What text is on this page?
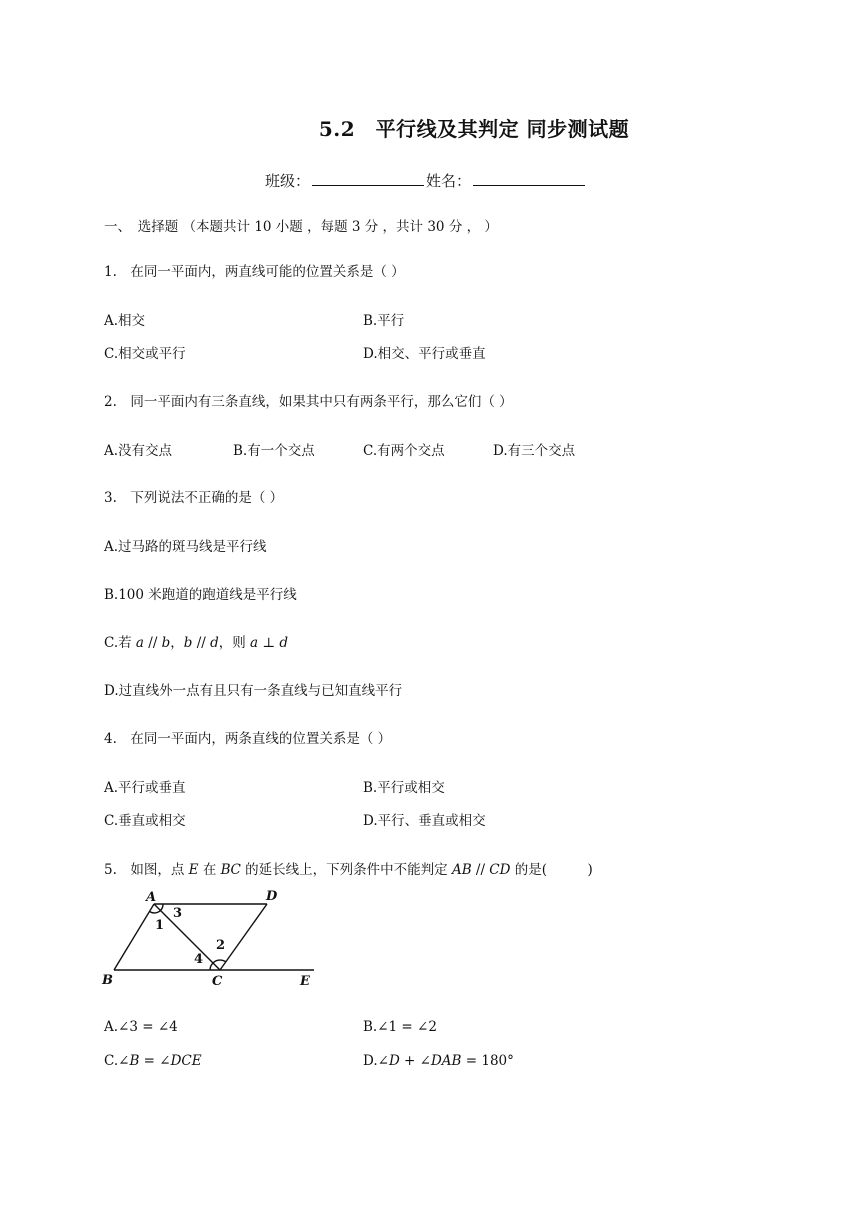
5.2　平行线及其判定 同步测试题
班级：	姓名：
一、　选择题 （本题共计 10 小题 ，每题 3 分 ，共计 30 分 ， ）
1.　在同一平面内，两直线可能的位置关系是（ ）
A.相交	B.平行
C.相交或平行	D.相交、平行或垂直
2.　同一平面内有三条直线，如果其中只有两条平行，那么它们（ ）
A.没有交点	B.有一个交点	C.有两个交点	D.有三个交点
3.　下列说法不正确的是（ ）
A.过马路的斑马线是平行线
B.100 米跑道的跑道线是平行线
C.若 𝑎 // 𝑏，𝑏 // 𝑑，则 𝑎 ⊥ 𝑑
D.过直线外一点有且只有一条直线与已知直线平行
4.　在同一平面内，两条直线的位置关系是（ ）
A.平行或垂直	B.平行或相交
C.垂直或相交	D.平行、垂直或相交
5.　如图，点 𝐸 在 𝐵𝐶 的延长线上，下列条件中不能判定 𝐴𝐵 // 𝐶𝐷 的是(　　　)
A	D
B	C	E
1
2
3
4
A.∠3 = ∠4	B.∠1 = ∠2
C.∠𝐵 = ∠𝐷𝐶𝐸	D.∠𝐷 + ∠𝐷𝐴𝐵 = 180°
